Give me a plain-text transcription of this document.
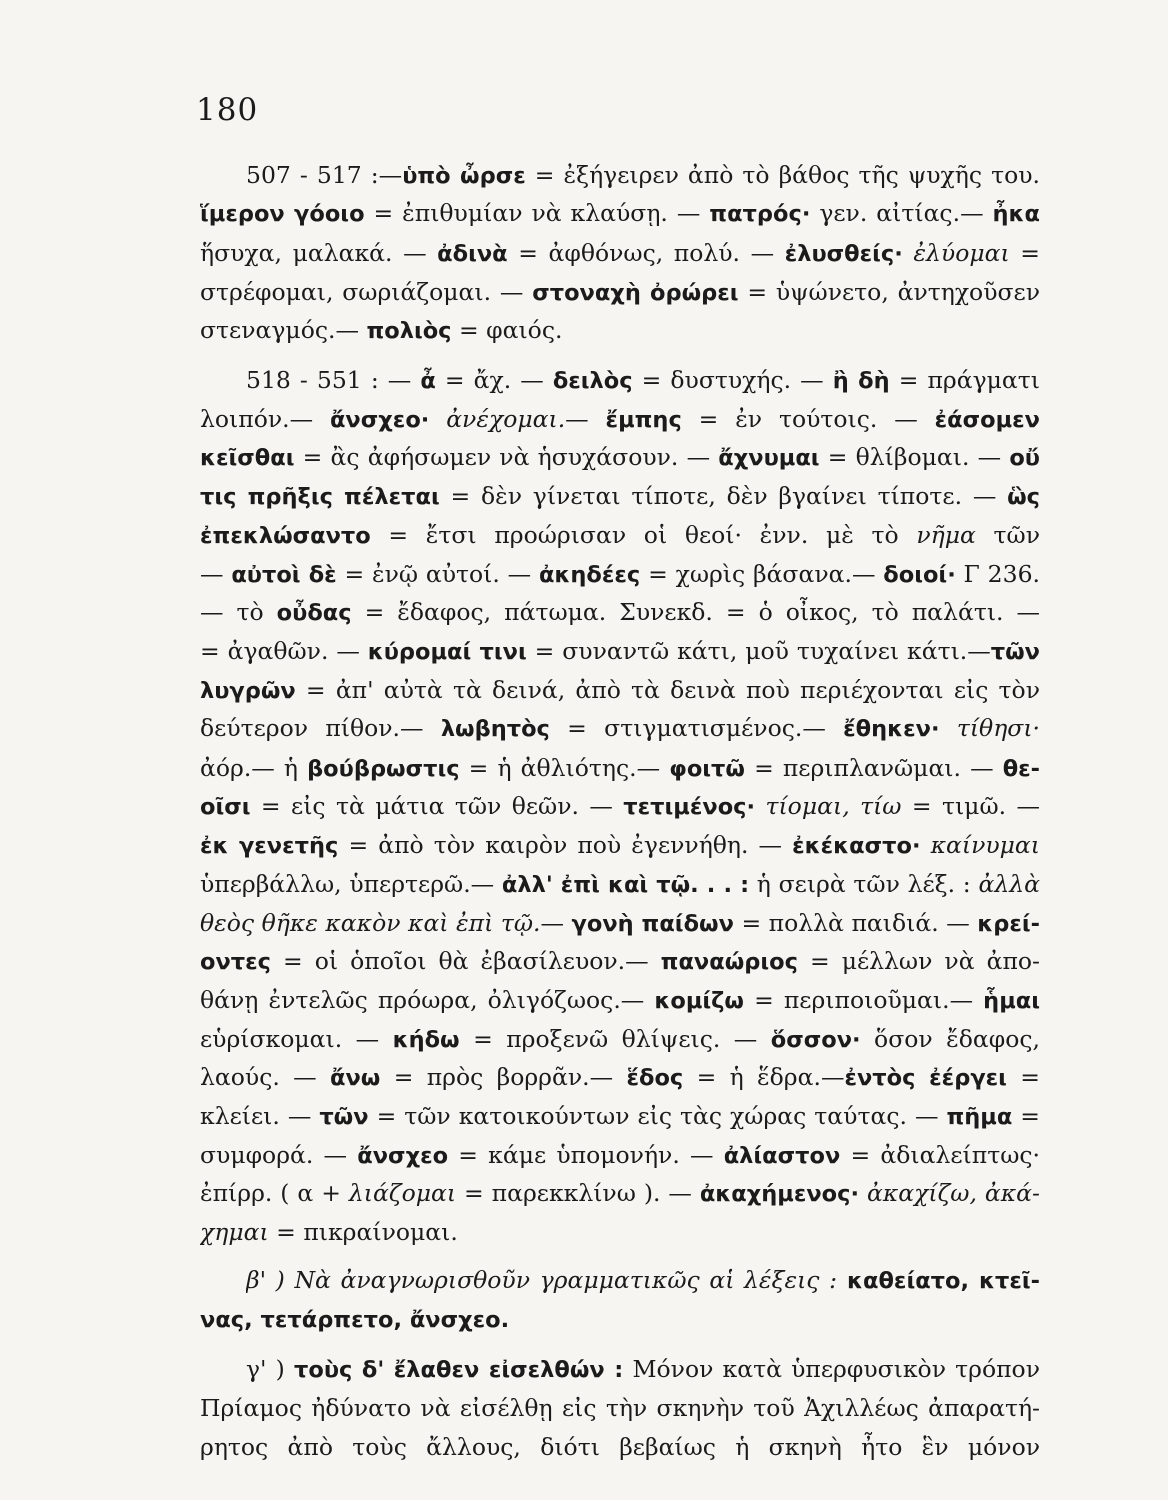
180
507 - 517 :—ὑπὸ ὦρσε = ἐξήγειρεν ἀπὸ τὸ βάθος τῆς ψυχῆς του.
ἵμερον γόοιο = ἐπιθυμίαν νὰ κλαύσῃ. — πατρός· γεν. αἰτίας.— ἦκα
ἥσυχα, μαλακά. — ἀδινὰ = ἀφθόνως, πολύ. — ἐλυσθείς· ἐλύομαι =
στρέφομαι, σωριάζομαι. — στοναχὴ ὀρώρει = ὑψώνετο, ἀντηχοῦσεν
στεναγμός.— πολιὸς = φαιός.
518 - 551 : — ἆ = ἄχ. — δειλὸς = δυστυχής. — ἢ δὴ = πράγματι
λοιπόν.— ἄνσχεο· ἀνέχομαι.— ἔμπης = ἐν τούτοις. — ἐάσομεν
κεῖσθαι = ἂς ἀφήσωμεν νὰ ἡσυχάσουν. — ἄχνυμαι = θλίβομαι. — οὔ
τις πρῆξις πέλεται = δὲν γίνεται τίποτε, δὲν βγαίνει τίποτε. — ὣς
ἐπεκλώσαντο = ἔτσι προώρισαν οἱ θεοί· ἐνν. μὲ τὸ νῆμα τῶν
— αὐτοὶ δὲ = ἐνῷ αὐτοί. — ἀκηδέες = χωρὶς βάσανα.— δοιοί· Γ 236.
— τὸ οὖδας = ἔδαφος, πάτωμα. Συνεκδ. = ὁ οἶκος, τὸ παλάτι. —
= ἀγαθῶν. — κύρομαί τινι = συναντῶ κάτι, μοῦ τυχαίνει κάτι.—τῶν
λυγρῶν = ἀπ' αὐτὰ τὰ δεινά, ἀπὸ τὰ δεινὰ ποὺ περιέχονται εἰς τὸν
δεύτερον πίθον.— λωβητὸς = στιγματισμένος.— ἔθηκεν· τίθησι·
ἀόρ.— ἡ βούβρωστις = ἡ ἀθλιότης.— φοιτῶ = περιπλανῶμαι. — θε-
οῖσι = εἰς τὰ μάτια τῶν θεῶν. — τετιμένος· τίομαι, τίω = τιμῶ. —
ἐκ γενετῆς = ἀπὸ τὸν καιρὸν ποὺ ἐγεννήθη. — ἐκέκαστο· καίνυμαι
ὑπερβάλλω, ὑπερτερῶ.— ἀλλ' ἐπὶ καὶ τῷ. . . : ἡ σειρὰ τῶν λέξ. : ἀλλὰ
θεὸς θῆκε κακὸν καὶ ἐπὶ τῷ.— γονὴ παίδων = πολλὰ παιδιά. — κρεί-
οντες = οἱ ὁποῖοι θὰ ἐβασίλευον.— παναώριος = μέλλων νὰ ἀπο-
θάνῃ ἐντελῶς πρόωρα, ὀλιγόζωος.— κομίζω = περιποιοῦμαι.— ἧμαι
εὑρίσκομαι. — κήδω = προξενῶ θλίψεις. — ὅσσον· ὅσον ἔδαφος,
λαούς. — ἄνω = πρὸς βορρᾶν.— ἕδος = ἡ ἕδρα.—ἐντὸς ἐέργει =
κλείει. — τῶν = τῶν κατοικούντων εἰς τὰς χώρας ταύτας. — πῆμα =
συμφορά. — ἄνσχεο = κάμε ὑπομονήν. — ἀλίαστον = ἀδιαλείπτως·
ἐπίρρ. ( α + λιάζομαι = παρεκκλίνω ). — ἀκαχήμενος· ἀκαχίζω, ἀκά-
χημαι = πικραίνομαι.
β' ) Νὰ ἀναγνωρισθοῦν γραμματικῶς αἱ λέξεις : καθείατο, κτεῖ-
νας, τετάρπετο, ἄνσχεο.
γ' ) τοὺς δ' ἔλαθεν εἰσελθών : Μόνον κατὰ ὑπερφυσικὸν τρόπον
Πρίαμος ἠδύνατο νὰ εἰσέλθῃ εἰς τὴν σκηνὴν τοῦ Ἀχιλλέως ἀπαρατή-
ρητος ἀπὸ τοὺς ἄλλους, διότι βεβαίως ἡ σκηνὴ ἦτο ἓν μόνον
